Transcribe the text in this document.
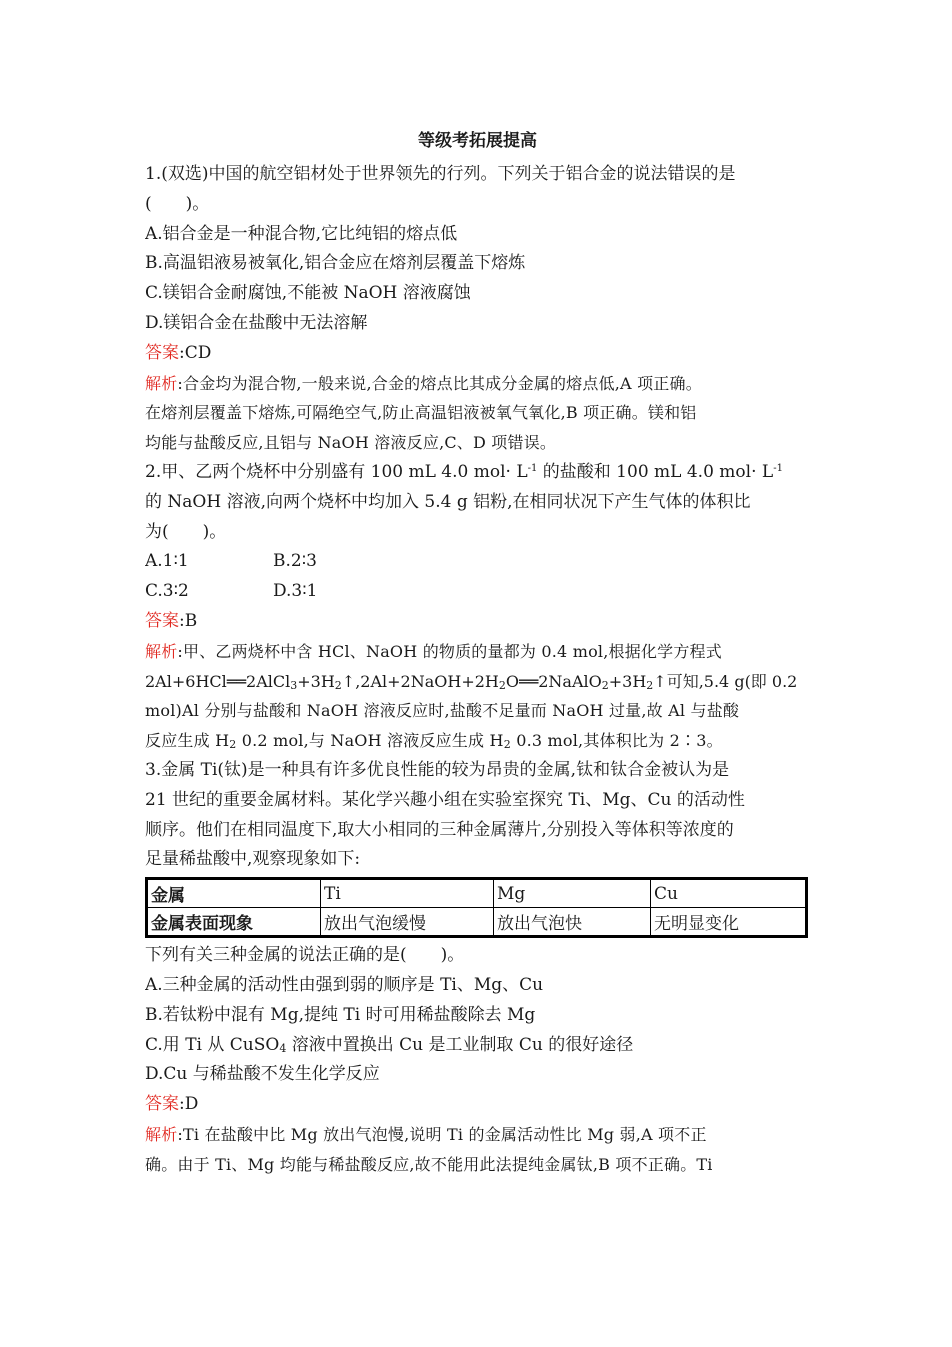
等级考拓展提高
1.(双选)中国的航空铝材处于世界领先的行列。下列关于铝合金的说法错误的是
(　　)。
A.铝合金是一种混合物,它比纯铝的熔点低
B.高温铝液易被氧化,铝合金应在熔剂层覆盖下熔炼
C.镁铝合金耐腐蚀,不能被 NaOH 溶液腐蚀
D.镁铝合金在盐酸中无法溶解
答案:CD
解析:合金均为混合物,一般来说,合金的熔点比其成分金属的熔点低,A 项正确。
在熔剂层覆盖下熔炼,可隔绝空气,防止高温铝液被氧气氧化,B 项正确。镁和铝
均能与盐酸反应,且铝与 NaOH 溶液反应,C、D 项错误。
2.甲、乙两个烧杯中分别盛有 100 mL 4.0 $mol\cdot L^{-1}$ 的盐酸和 100 mL 4.0 $mol\cdot L^{-1}$
的 NaOH 溶液,向两个烧杯中均加入 5.4 g 铝粉,在相同状况下产生气体的体积比
为(　　)。
A.1∶1	B.2∶3
C.3∶2	D.3∶1
答案:B
解析:甲、乙两烧杯中含 HCl、NaOH 的物质的量都为 0.4 mol,根据化学方程式
$2Al+6HCl══2AlCl_3+3H_2↑,2Al+2NaOH+2H_2O══2NaAlO_2+3H_2↑$可知,5.4 g(即 0.2
mol)Al 分别与盐酸和 NaOH 溶液反应时,盐酸不足量而 NaOH 过量,故 Al 与盐酸
反应生成 $H_2$ 0.2 mol,与 NaOH 溶液反应生成 $H_2$ 0.3 mol,其体积比为 2∶3。
3.金属 Ti(钛)是一种具有许多优良性能的较为昂贵的金属,钛和钛合金被认为是
21 世纪的重要金属材料。某化学兴趣小组在实验室探究 Ti、Mg、Cu 的活动性
顺序。他们在相同温度下,取大小相同的三种金属薄片,分别投入等体积等浓度的
足量稀盐酸中,观察现象如下:
金属	Ti	Mg	Cu
金属表面现象	放出气泡缓慢	放出气泡快	无明显变化
下列有关三种金属的说法正确的是(　　)。
A.三种金属的活动性由强到弱的顺序是 Ti、Mg、Cu
B.若钛粉中混有 Mg,提纯 Ti 时可用稀盐酸除去 Mg
C.用 Ti 从 CuSO$_4$ 溶液中置换出 Cu 是工业制取 Cu 的很好途径
D.Cu 与稀盐酸不发生化学反应
答案:D
解析:Ti 在盐酸中比 Mg 放出气泡慢,说明 Ti 的金属活动性比 Mg 弱,A 项不正
确。由于 Ti、Mg 均能与稀盐酸反应,故不能用此法提纯金属钛,B 项不正确。Ti
